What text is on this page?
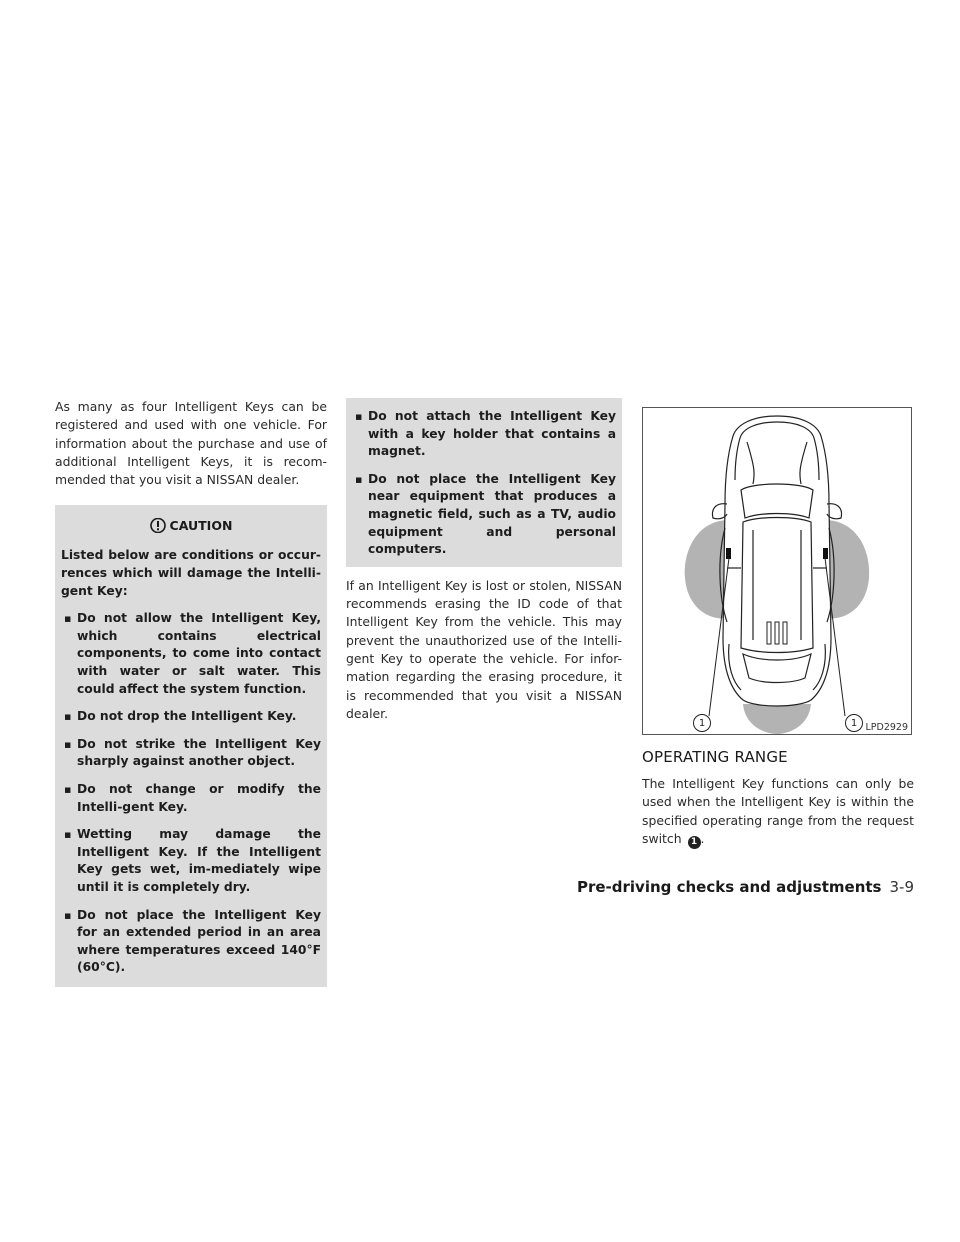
As many as four Intelligent Keys can be registered and used with one vehicle. For information about the purchase and use of additional Intelligent Keys, it is recom-mended that you visit a NISSAN dealer.

CAUTION

Listed below are conditions or occur-rences which will damage the Intelli-gent Key:

▪ Do not allow the Intelligent Key, which contains electrical components, to come into contact with water or salt water. This could affect the system function.
▪ Do not drop the Intelligent Key.
▪ Do not strike the Intelligent Key sharply against another object.
▪ Do not change or modify the Intelli-gent Key.
▪ Wetting may damage the Intelligent Key. If the Intelligent Key gets wet, im-mediately wipe until it is completely dry.
▪ Do not place the Intelligent Key for an extended period in an area where temperatures exceed 140°F (60°C).
▪ Do not attach the Intelligent Key with a key holder that contains a magnet.
▪ Do not place the Intelligent Key near equipment that produces a magnetic field, such as a TV, audio equipment and personal computers.

If an Intelligent Key is lost or stolen, NISSAN recommends erasing the ID code of that Intelligent Key from the vehicle. This may prevent the unauthorized use of the Intelli-gent Key to operate the vehicle. For infor-mation regarding the erasing procedure, it is recommended that you visit a NISSAN dealer.

1	1 LPD2929
OPERATING RANGE

The Intelligent Key functions can only be used when the Intelligent Key is within the specified operating range from the request switch 1 .

Pre-driving checks and adjustments 3-9
